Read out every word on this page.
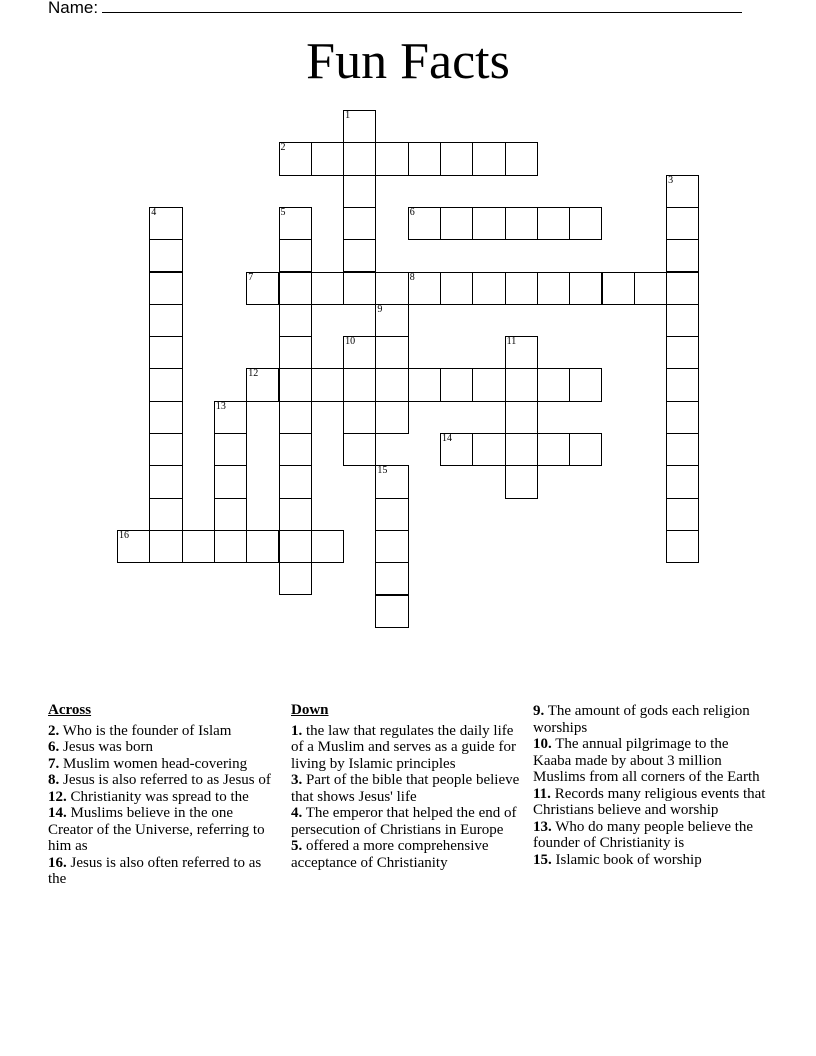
Name:
Fun Facts
1
2
3
4	5	6
7	8
9
10	11
12
13
14
15
16
Across
2. Who is the founder of Islam
6. Jesus was born
7. Muslim women head-covering
8. Jesus is also referred to as Jesus of
12. Christianity was spread to the
14. Muslims believe in the one Creator of the Universe, referring to him as
16. Jesus is also often referred to as the
Down
1. the law that regulates the daily life of a Muslim and serves as a guide for living by Islamic principles
3. Part of the bible that people believe that shows Jesus' life
4. The emperor that helped the end of persecution of Christians in Europe
5. offered a more comprehensive acceptance of Christianity
9. The amount of gods each religion worships
10. The annual pilgrimage to the Kaaba made by about 3 million Muslims from all corners of the Earth
11. Records many religious events that Christians believe and worship
13. Who do many people believe the founder of Christianity is
15. Islamic book of worship
